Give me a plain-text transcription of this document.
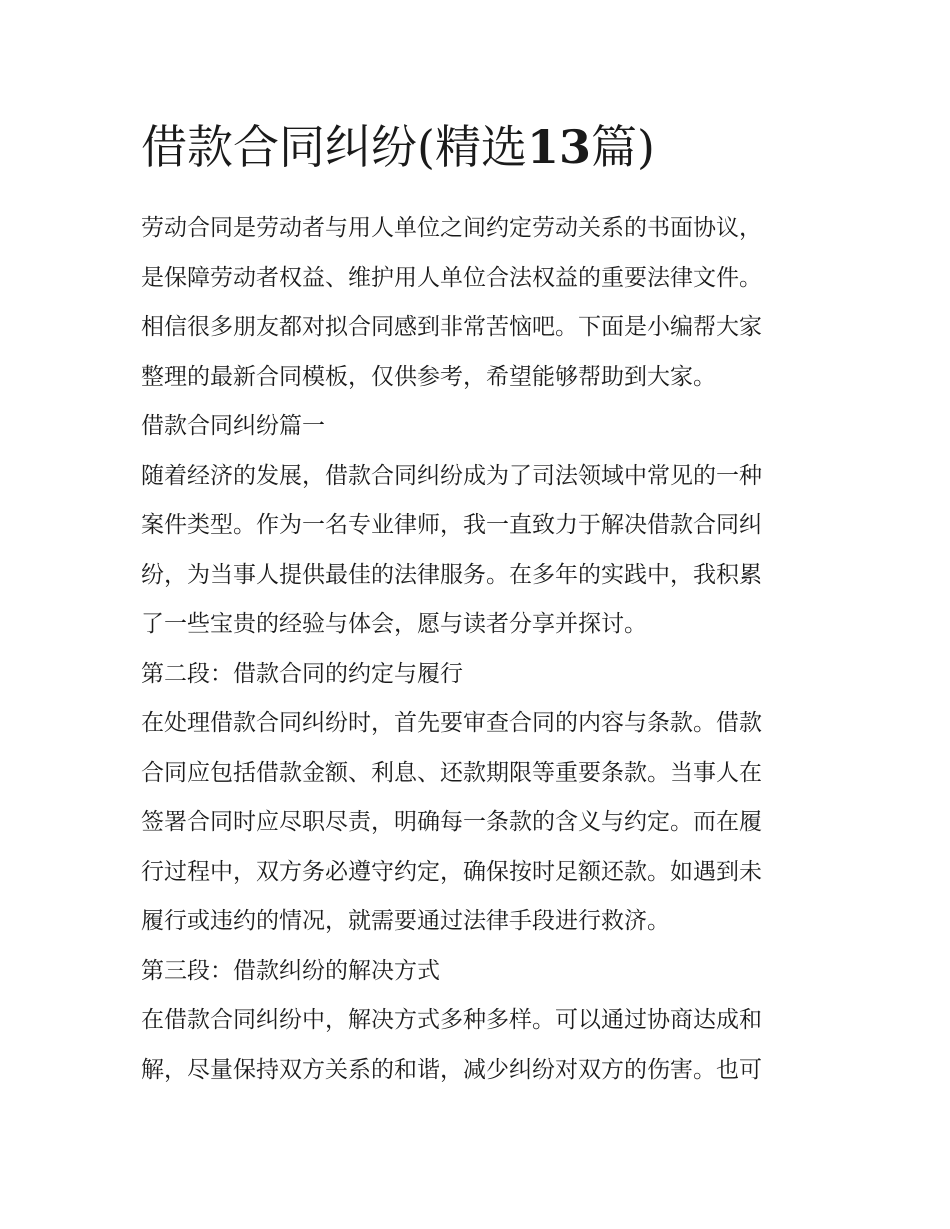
借款合同纠纷(精选13篇)

劳动合同是劳动者与用人单位之间约定劳动关系的书面协议，

是保障劳动者权益、维护用人单位合法权益的重要法律文件。

相信很多朋友都对拟合同感到非常苦恼吧。下面是小编帮大家

整理的最新合同模板，仅供参考，希望能够帮助到大家。

借款合同纠纷篇一

随着经济的发展，借款合同纠纷成为了司法领域中常见的一种

案件类型。作为一名专业律师，我一直致力于解决借款合同纠

纷，为当事人提供最佳的法律服务。在多年的实践中，我积累

了一些宝贵的经验与体会，愿与读者分享并探讨。

第二段：借款合同的约定与履行

在处理借款合同纠纷时，首先要审查合同的内容与条款。借款

合同应包括借款金额、利息、还款期限等重要条款。当事人在

签署合同时应尽职尽责，明确每一条款的含义与约定。而在履

行过程中，双方务必遵守约定，确保按时足额还款。如遇到未

履行或违约的情况，就需要通过法律手段进行救济。

第三段：借款纠纷的解决方式

在借款合同纠纷中，解决方式多种多样。可以通过协商达成和

解，尽量保持双方关系的和谐，减少纠纷对双方的伤害。也可
